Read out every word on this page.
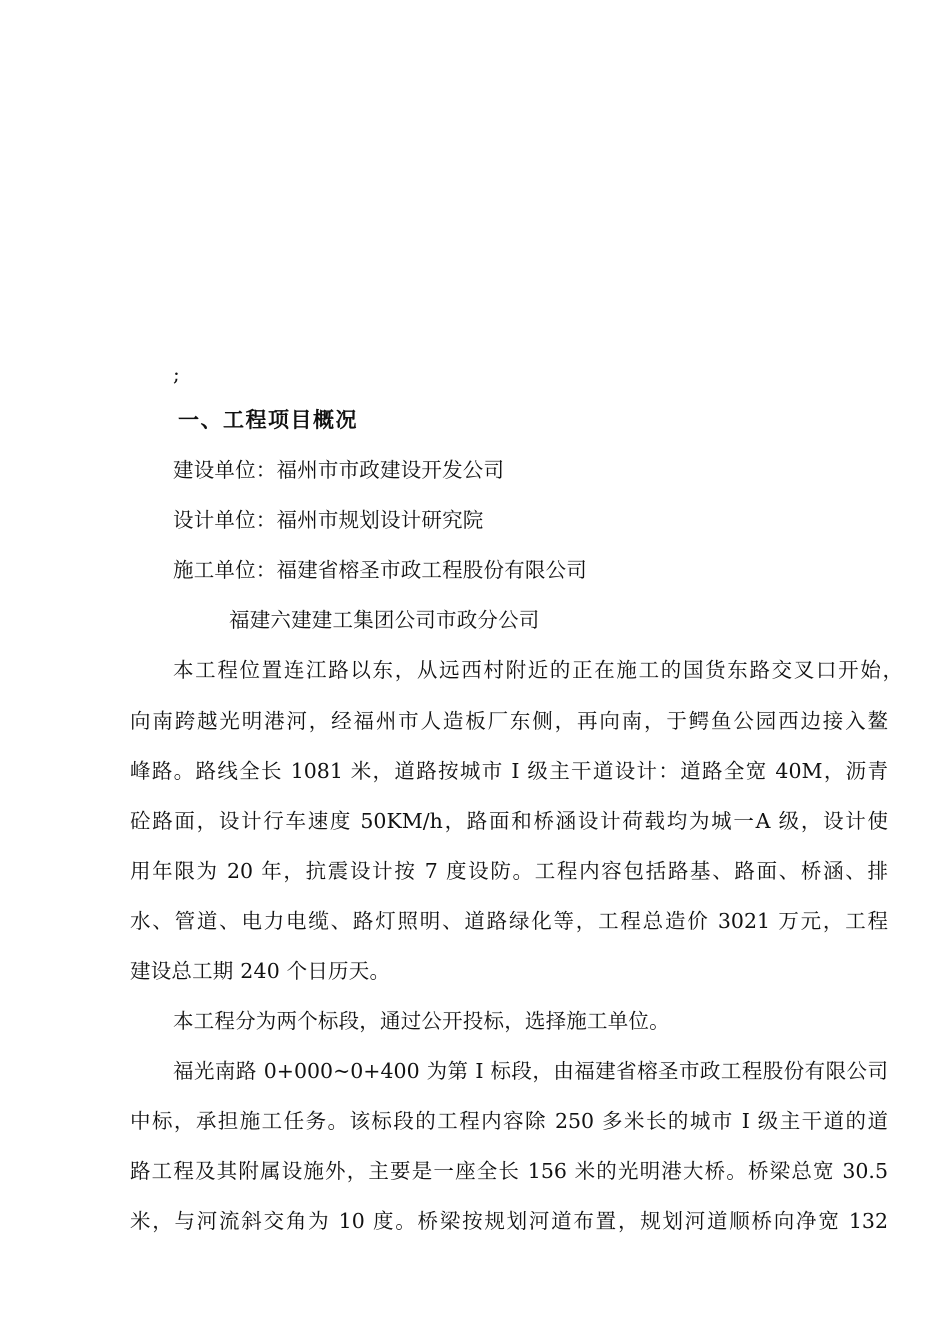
;
一、工程项目概况
建设单位：福州市市政建设开发公司
设计单位：福州市规划设计研究院
施工单位：福建省榕圣市政工程股份有限公司
福建六建建工集团公司市政分公司
本工程位置连江路以东，从远西村附近的正在施工的国货东路交叉口开始，
向南跨越光明港河，经福州市人造板厂东侧，再向南，于鳄鱼公园西边接入鳌
峰路。路线全长 1081 米，道路按城市 I 级主干道设计：道路全宽 40M，沥青
砼路面，设计行车速度 50KM/h，路面和桥涵设计荷载均为城一A 级，设计使
用年限为 20 年，抗震设计按 7 度设防。工程内容包括路基、路面、桥涵、排
水、管道、电力电缆、路灯照明、道路绿化等，工程总造价 3021 万元，工程
建设总工期 240 个日历天。
本工程分为两个标段，通过公开投标，选择施工单位。
福光南路 0+000~0+400 为第 I 标段，由福建省榕圣市政工程股份有限公司
中标，承担施工任务。该标段的工程内容除 250 多米长的城市 I 级主干道的道
路工程及其附属设施外，主要是一座全长 156 米的光明港大桥。桥梁总宽 30.5
米，与河流斜交角为 10 度。桥梁按规划河道布置，规划河道顺桥向净宽 132
